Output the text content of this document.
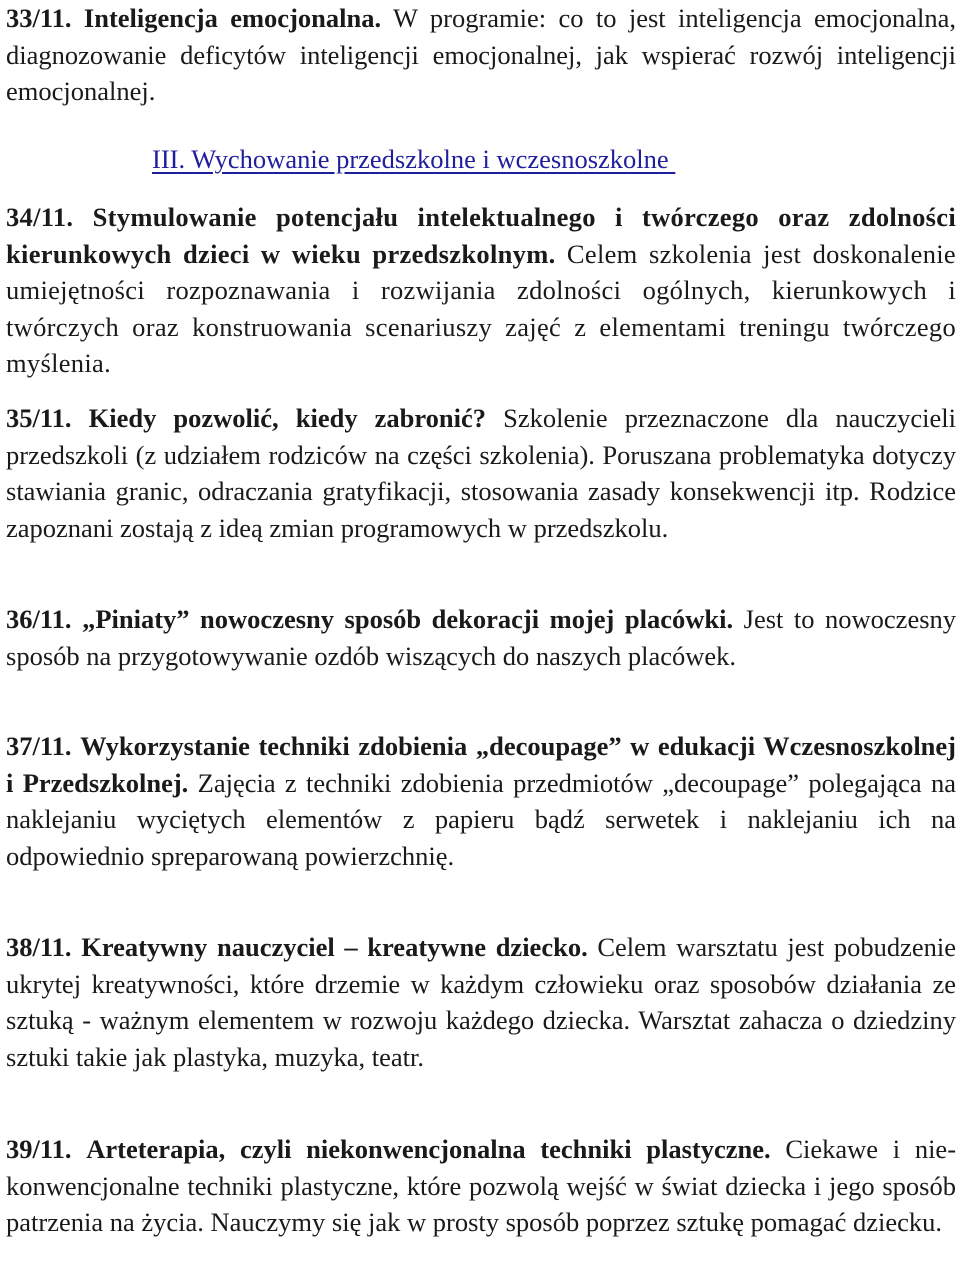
33/11. Inteligencja emocjonalna. W programie: co to jest inteligencja emocjonalna, diagnozowanie deficytów inteligencji emocjonalnej, jak wspierać rozwój inteligencji emocjonalnej.

III. Wychowanie przedszkolne i wczesnoszkolne

34/11. Stymulowanie potencjału intelektualnego i twórczego oraz zdolności kierunkowych dzieci w wieku przedszkolnym. Celem szkolenia jest doskonalenie umiejętności rozpoznawania i rozwijania zdolności ogólnych, kierunkowych i twórczych oraz konstruowania scenariuszy zajęć z elementami treningu twórczego myślenia.

35/11. Kiedy pozwolić, kiedy zabronić? Szkolenie przeznaczone dla nauczycieli przedszkoli (z udziałem rodziców na części szkolenia). Poruszana problematyka dotyczy stawiania granic, odraczania gratyfikacji, stosowania zasady konsekwencji itp. Rodzice zapoznani zostają z ideą zmian programowych w przedszkolu.

36/11. „Piniaty” nowoczesny sposób dekoracji mojej placówki. Jest to nowoczesny sposób na przygotowywanie ozdób wiszących do naszych placówek.

37/11. Wykorzystanie techniki zdobienia „decoupage” w edukacji Wczesnoszkolnej i Przedszkolnej. Zajęcia z techniki zdobienia przedmiotów „decoupage” polegająca na naklejaniu wyciętych elementów z papieru bądź serwetek i naklejaniu ich na odpowiednio spreparowaną powierzchnię.

38/11. Kreatywny nauczyciel – kreatywne dziecko. Celem warsztatu jest pobudzenie ukrytej kreatywności, które drzemie w każdym człowieku oraz sposobów działania ze sztuką - ważnym elementem w rozwoju każdego dziecka. Warsztat zahacza o dziedziny sztuki takie jak plastyka, muzyka, teatr.

39/11. Arteterapia, czyli niekonwencjonalna techniki plastyczne. Ciekawe i nie-konwencjonalne techniki plastyczne, które pozwolą wejść w świat dziecka i jego sposób patrzenia na życia. Nauczymy się jak w prosty sposób poprzez sztukę pomagać dziecku.
